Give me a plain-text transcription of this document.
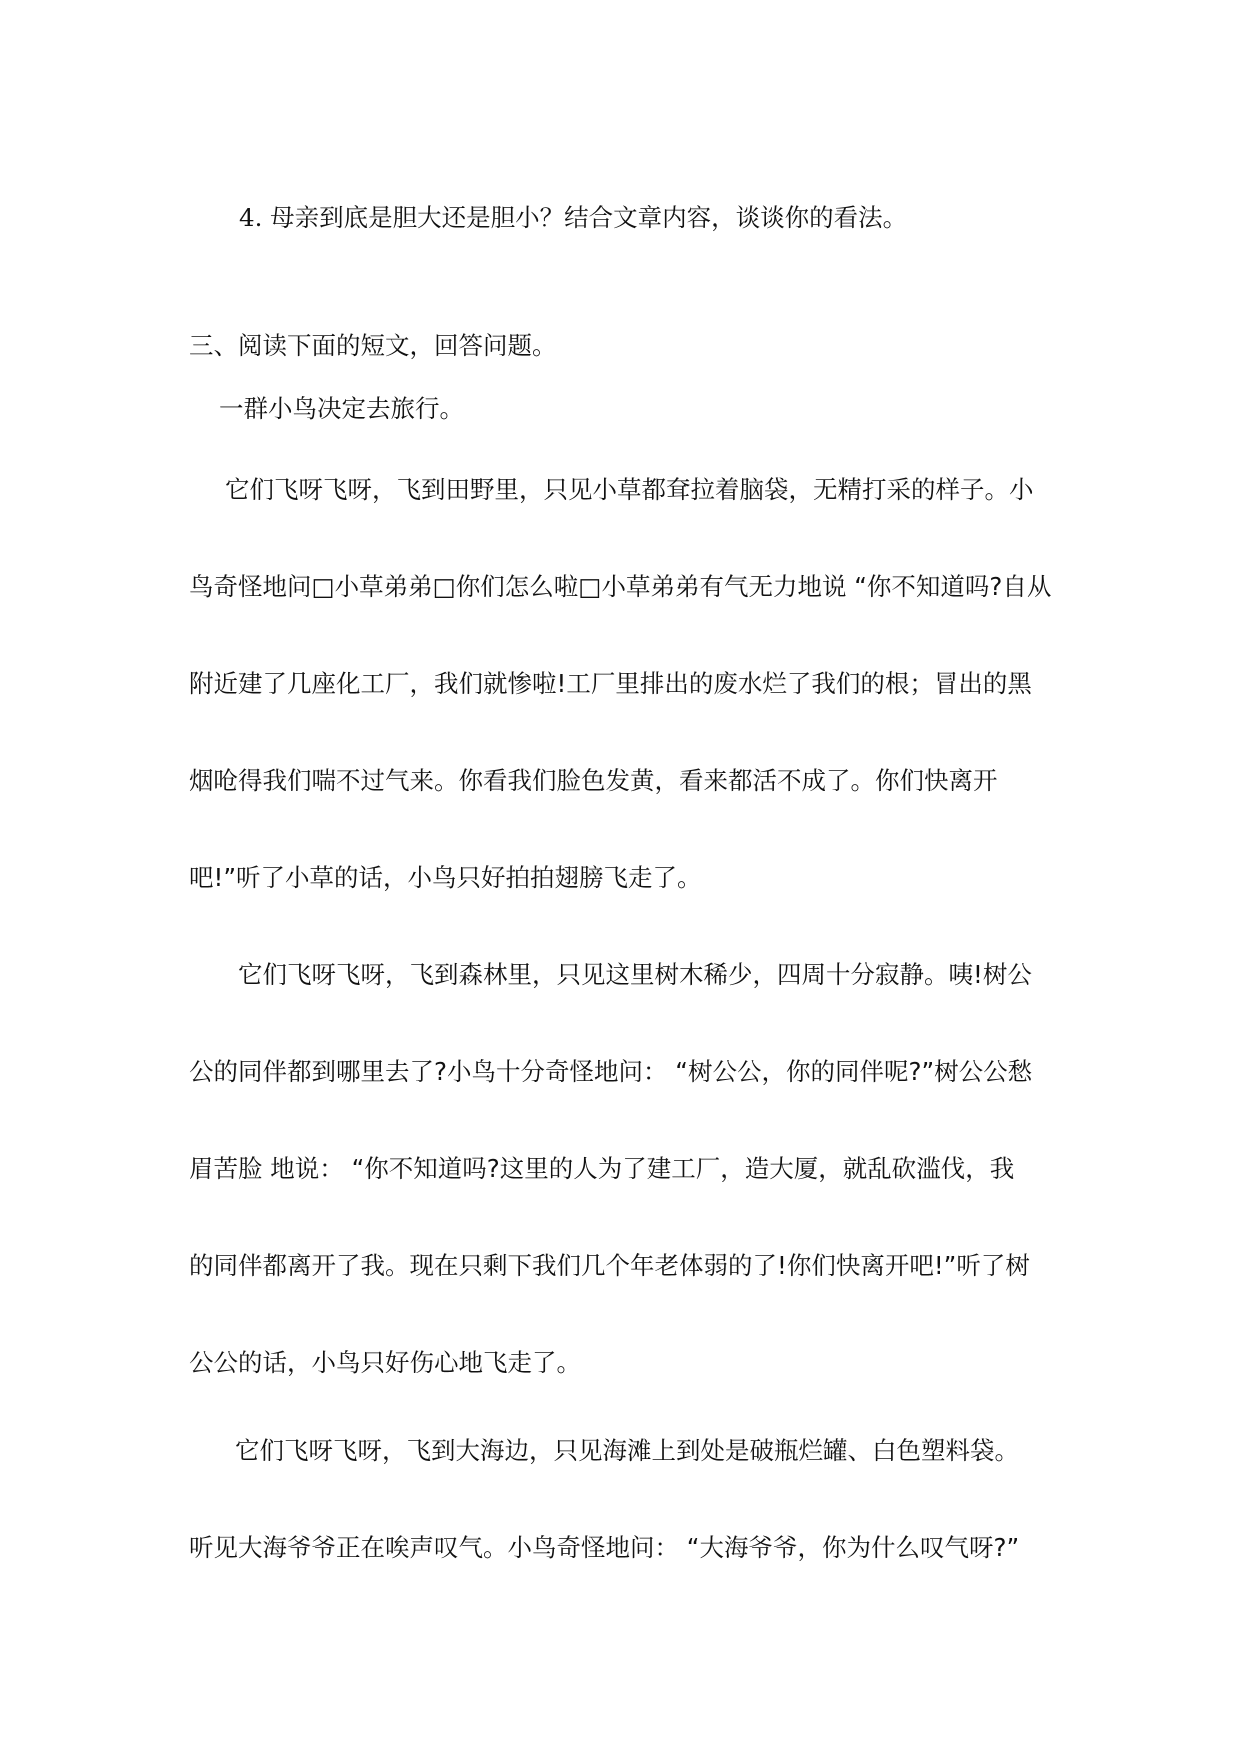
4. 母亲到底是胆大还是胆小？结合文章内容，谈谈你的看法。
三、阅读下面的短文，回答问题。
一群小鸟决定去旅行。
它们飞呀飞呀，飞到田野里，只见小草都耷拉着脑袋，无精打采的样子。小
鸟奇怪地问□小草弟弟□你们怎么啦□小草弟弟有气无力地说 “你不知道吗?自从
附近建了几座化工厂，我们就惨啦!工厂里排出的废水烂了我们的根；冒出的黑
烟呛得我们喘不过气来。你看我们脸色发黄，看来都活不成了。你们快离开
吧!”听了小草的话，小鸟只好拍拍翅膀飞走了。
它们飞呀飞呀，飞到森林里，只见这里树木稀少，四周十分寂静。咦!树公
公的同伴都到哪里去了?小鸟十分奇怪地问： “树公公，你的同伴呢?”树公公愁
眉苦脸 地说： “你不知道吗?这里的人为了建工厂，造大厦，就乱砍滥伐，我
的同伴都离开了我。现在只剩下我们几个年老体弱的了!你们快离开吧!”听了树
公公的话，小鸟只好伤心地飞走了。
它们飞呀飞呀，飞到大海边，只见海滩上到处是破瓶烂罐、白色塑料袋。
听见大海爷爷正在唉声叹气。小鸟奇怪地问： “大海爷爷，你为什么叹气呀?”
